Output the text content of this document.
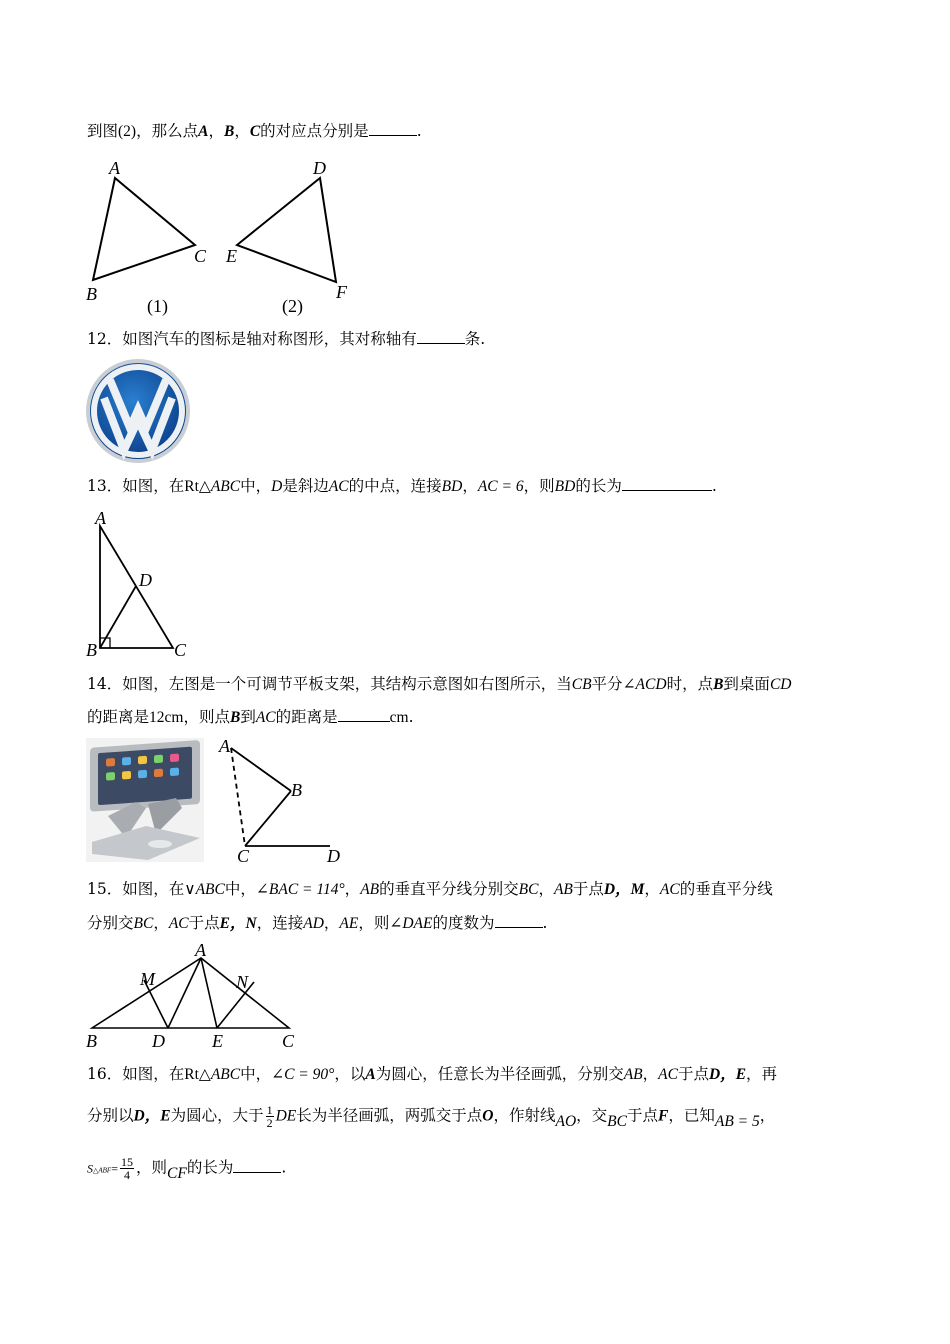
到图(2)，那么点A，B，C的对应点分别是	.
A
B
C
D
E
F
(1)	(2)
12．如图汽车的图标是轴对称图形，其对称轴有	条.
13．如图，在Rt△ABC中，D是斜边AC的中点，连接BD，AC = 6，则BD的长为	.
A
B	C
D
14．如图，左图是一个可调节平板支架，其结构示意图如右图所示，当CB平分∠ACD时，点B到桌面CD
的距离是12cm，则点B到AC的距离是	cm.
A
B
C	D
15．如图，在∨ABC中，∠BAC = 114°，AB的垂直平分线分别交BC，AB于点D，M，AC的垂直平分线
分别交BC，AC于点E，N，连接AD，AE，则∠DAE的度数为	.
A
B	C
D	E
M	N
16．如图，在Rt△ABC中，∠C = 90°，以A为圆心，任意长为半径画弧，分别交AB，AC于点D，E，再
分别以D，E为圆心，大于 $\frac{1}{2}$ DE长为半径画弧，两弧交于点O，作射线AO，交BC于点F，已知AB = 5，
S△ABF= $\frac{15}{4}$ ，则CF的长为	.
